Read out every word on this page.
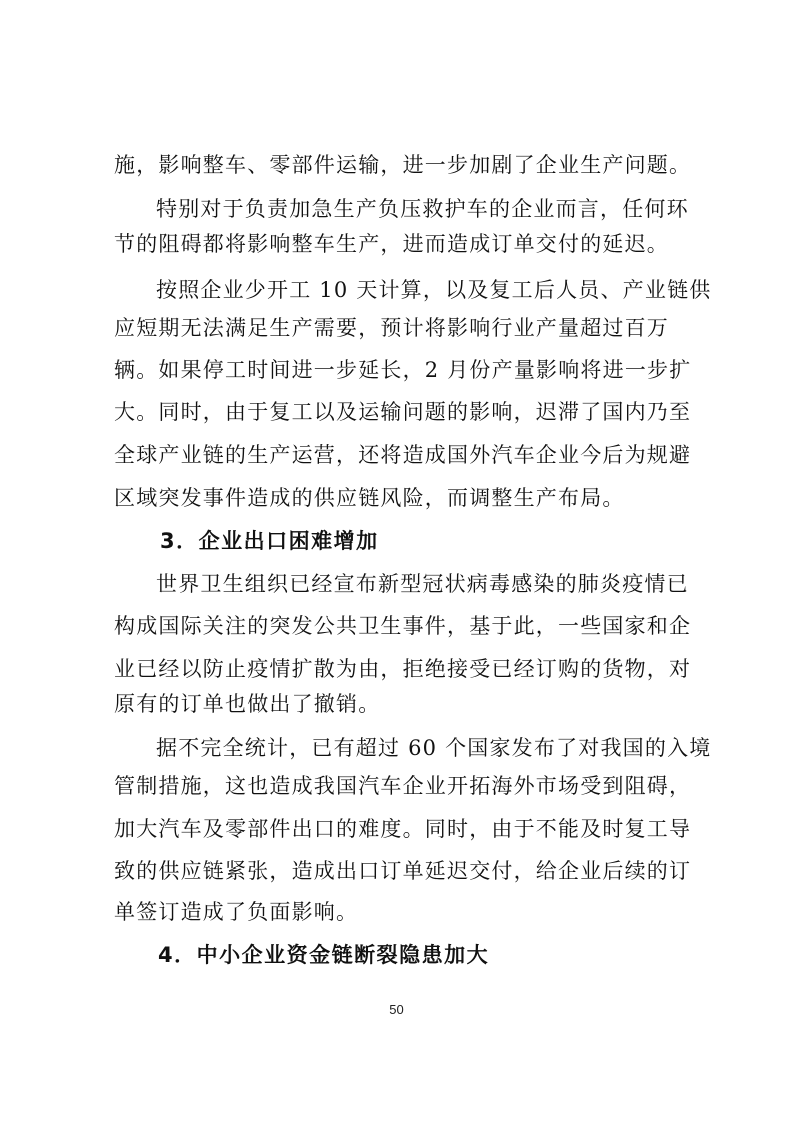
施，影响整车、零部件运输，进一步加剧了企业生产问题。
特别对于负责加急生产负压救护车的企业而言，任何环
节的阻碍都将影响整车生产，进而造成订单交付的延迟。
按照企业少开工 10 天计算，以及复工后人员、产业链供
应短期无法满足生产需要，预计将影响行业产量超过百万
辆。如果停工时间进一步延长，2 月份产量影响将进一步扩
大。同时，由于复工以及运输问题的影响，迟滞了国内乃至
全球产业链的生产运营，还将造成国外汽车企业今后为规避
区域突发事件造成的供应链风险，而调整生产布局。
3．企业出口困难增加
世界卫生组织已经宣布新型冠状病毒感染的肺炎疫情已
构成国际关注的突发公共卫生事件，基于此，一些国家和企
业已经以防止疫情扩散为由，拒绝接受已经订购的货物，对
原有的订单也做出了撤销。
据不完全统计，已有超过 60 个国家发布了对我国的入境
管制措施，这也造成我国汽车企业开拓海外市场受到阻碍，
加大汽车及零部件出口的难度。同时，由于不能及时复工导
致的供应链紧张，造成出口订单延迟交付，给企业后续的订
单签订造成了负面影响。
4．中小企业资金链断裂隐患加大
50
